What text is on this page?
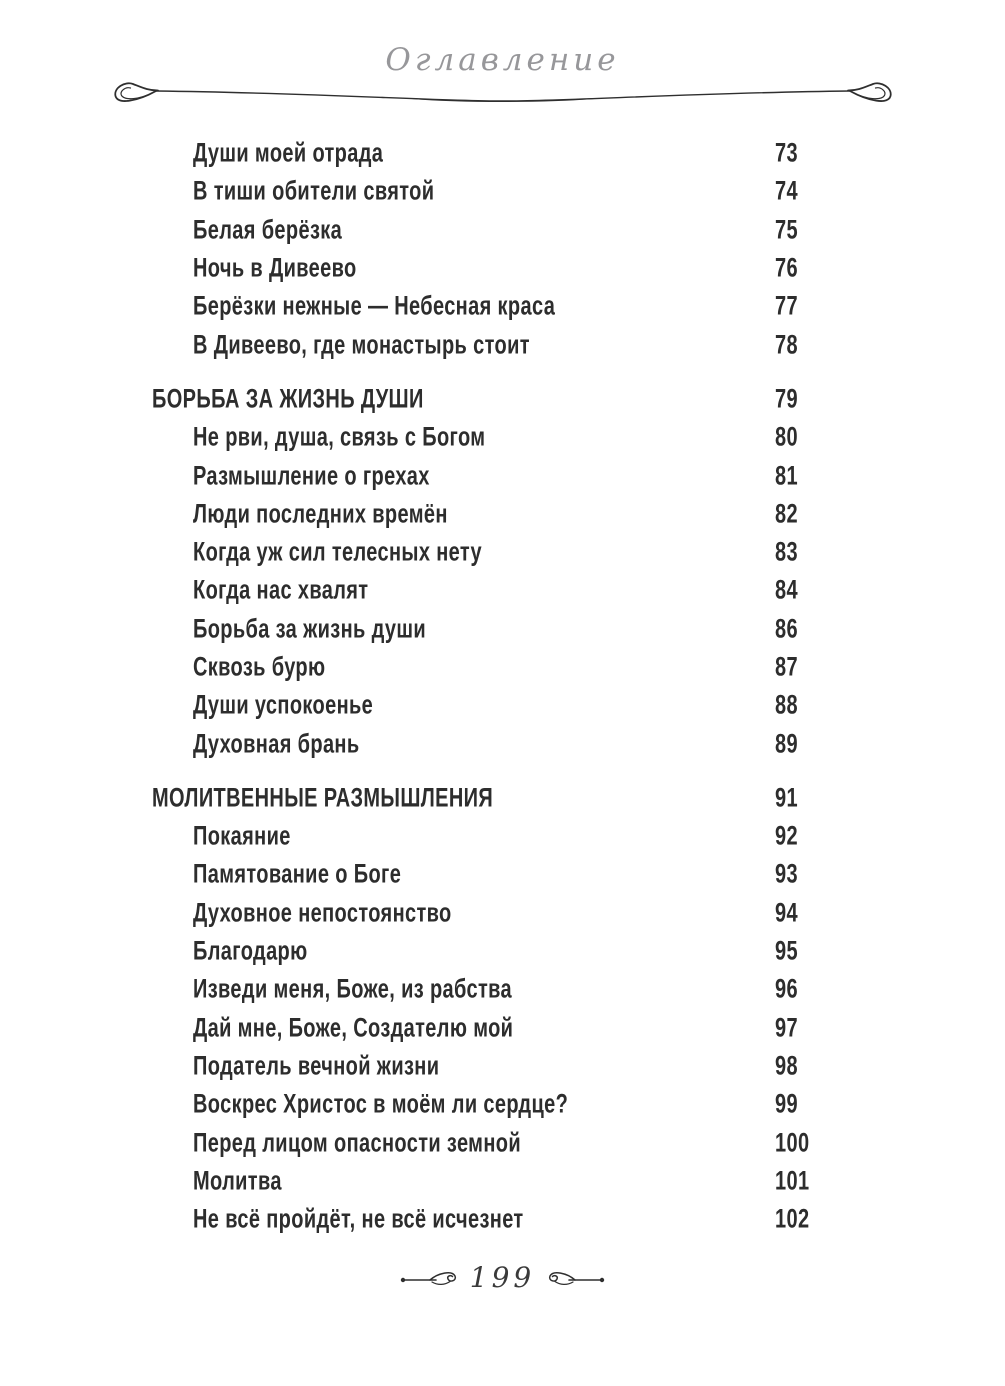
Оглавление
Души моей отрада	73
В тиши обители святой	74
Белая берёзка	75
Ночь в Дивеево	76
Берёзки нежные — Небесная краса	77
В Дивеево, где монастырь стоит	78
БОРЬБА ЗА ЖИЗНЬ ДУШИ	79
Не рви, душа, связь с Богом	80
Размышление о грехах	81
Люди последних времён	82
Когда уж сил телесных нету	83
Когда нас хвалят	84
Борьба за жизнь души	86
Сквозь бурю	87
Души успокоенье	88
Духовная брань	89
МОЛИТВЕННЫЕ РАЗМЫШЛЕНИЯ	91
Покаяние	92
Памятование о Боге	93
Духовное непостоянство	94
Благодарю	95
Изведи меня, Боже, из рабства	96
Дай мне, Боже, Создателю мой	97
Податель вечной жизни	98
Воскрес Христос в моём ли сердце?	99
Перед лицом опасности земной	100
Молитва	101
Не всё пройдёт, не всё исчезнет	102
199
